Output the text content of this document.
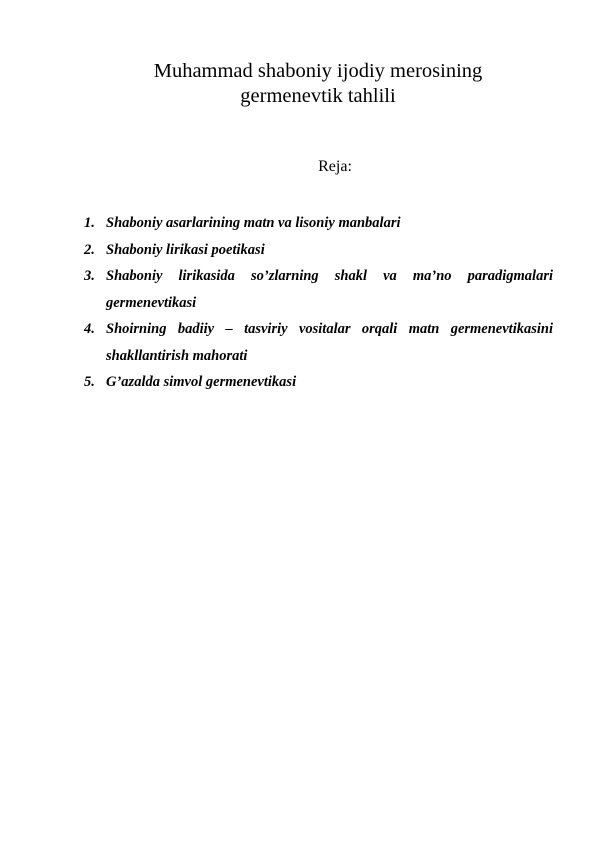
Muhammad shaboniy ijodiy merosining
germenevtik tahlili

Reja:

1. Shaboniy asarlarining matn va lisoniy manbalari
2. Shaboniy lirikasi poetikasi
3. Shaboniy lirikasida so’zlarning shakl va ma’no paradigmalari germenevtikasi
4. Shoirning badiiy – tasviriy vositalar orqali matn germenevtikasini shakllantirish mahorati
5. G’azalda simvol germenevtikasi
